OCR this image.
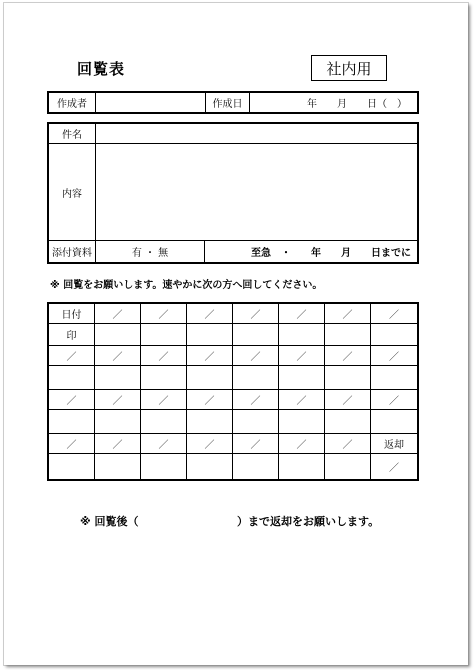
回覧表	社内用
作成者		作成日	年　　月　　日（　）
件名		
内容		
添付資料	有 ・ 無	至急　・　　年　　月　　日までに
※ 回覧をお願いします。速やかに次の方へ回してください。
日付	／	／	／	／	／	／	／
印							
／	／	／	／	／	／	／	／

／	／	／	／	／	／	／	／

／	／	／	／	／	／	／	返却
							／
※ 回覧後（	）まで返却をお願いします。
